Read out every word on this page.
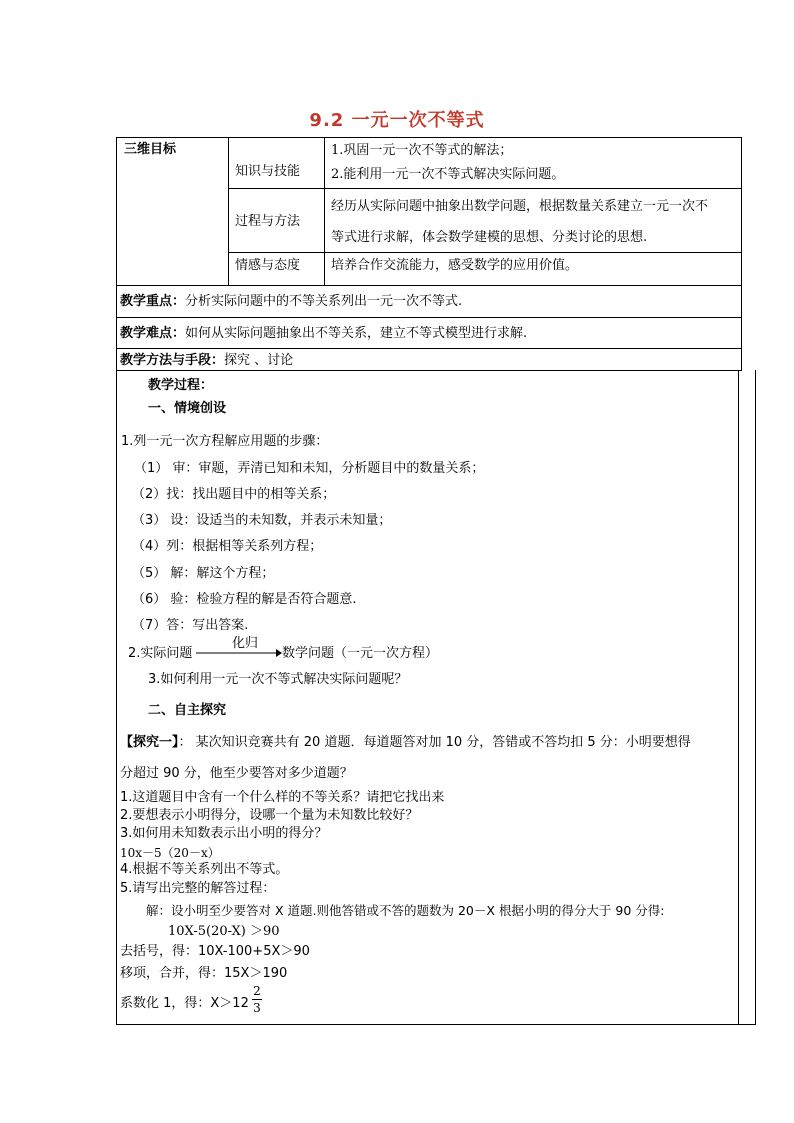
9.2 一元一次不等式
三维目标
知识与技能
1.巩固一元一次不等式的解法；
2.能利用一元一次不等式解决实际问题。
过程与方法
经历从实际问题中抽象出数学问题，根据数量关系建立一元一次不
等式进行求解，体会数学建模的思想、分类讨论的思想.
情感与态度 培养合作交流能力，感受数学的应用价值。
教学重点：分析实际问题中的不等关系列出一元一次不等式.
教学难点：如何从实际问题抽象出不等关系，建立不等式模型进行求解.
教学方法与手段：探究 、讨论
教学过程：
一、情境创设
1.列一元一次方程解应用题的步骤：
（1） 审：审题，弄清已知和未知，分析题目中的数量关系；
（2）找：找出题目中的相等关系；
（3） 设：设适当的未知数，并表示未知量；
（4）列：根据相等关系列方程；
（5） 解：解这个方程；
（6） 验：检验方程的解是否符合题意.
（7）答：写出答案.
2.实际问题
化归
数学问题（一元一次方程）
3.如何利用一元一次不等式解决实际问题呢？
二、自主探究
【探究一】： 某次知识竞赛共有 20 道题．每道题答对加 10 分，答错或不答均扣 5 分：小明要想得
分超过 90 分，他至少要答对多少道题？
1.这道题目中含有一个什么样的不等关系？请把它找出来
2.要想表示小明得分，设哪一个量为未知数比较好？
3.如何用未知数表示出小明的得分？
10x－5（20－x）
4.根据不等关系列出不等式。
5.请写出完整的解答过程：
解：设小明至少要答对 X 道题.则他答错或不答的题数为 20－X 根据小明的得分大于 90 分得:
10X-5(20-X) ＞90
去括号，得：10X-100+5X＞90
移项，合并，得：15X＞190
系数化 1，得：X＞12
2
3
